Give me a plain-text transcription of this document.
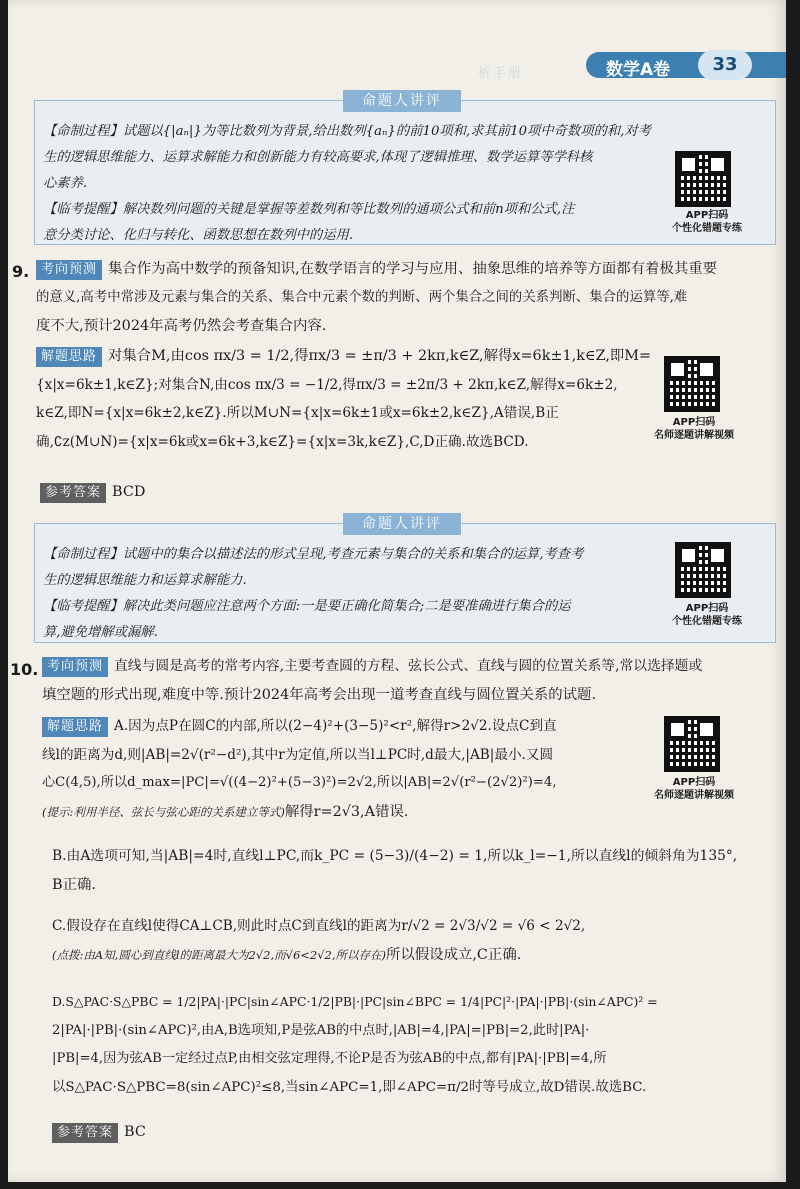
析手册	数学A卷	33
命题人讲评
【命制过程】试题以{|aₙ|}为等比数列为背景,给出数列{aₙ}的前10项和,求其前10项中奇数项的和,对考
生的逻辑思维能力、运算求解能力和创新能力有较高要求,体现了逻辑推理、数学运算等学科核
心素养.
【临考提醒】解决数列问题的关键是掌握等差数列和等比数列的通项公式和前n项和公式,注
意分类讨论、化归与转化、函数思想在数列中的运用.
APP扫码
个性化错题专练
9. 考向预测 集合作为高中数学的预备知识,在数学语言的学习与应用、抽象思维的培养等方面都有着极其重要
的意义,高考中常涉及元素与集合的关系、集合中元素个数的判断、两个集合之间的关系判断、集合的运算等,难
度不大,预计2024年高考仍然会考查集合内容.
解题思路 对集合M,由cos πx/3 = 1/2,得πx/3 = ±π/3 + 2kπ,k∈Z,解得x=6k±1,k∈Z,即M=
{x|x=6k±1,k∈Z};对集合N,由cos πx/3 = −1/2,得πx/3 = ±2π/3 + 2kπ,k∈Z,解得x=6k±2,
k∈Z,即N={x|x=6k±2,k∈Z}.所以M∪N={x|x=6k±1或x=6k±2,k∈Z},A错误,B正
确,∁z(M∪N)={x|x=6k或x=6k+3,k∈Z}={x|x=3k,k∈Z},C,D正确.故选BCD.
APP扫码
名师逐题讲解视频
参考答案 BCD
命题人讲评
【命制过程】试题中的集合以描述法的形式呈现,考查元素与集合的关系和集合的运算,考查考
生的逻辑思维能力和运算求解能力.
【临考提醒】解决此类问题应注意两个方面:一是要正确化简集合;二是要准确进行集合的运
算,避免增解或漏解.
APP扫码
个性化错题专练
10. 考向预测 直线与圆是高考的常考内容,主要考查圆的方程、弦长公式、直线与圆的位置关系等,常以选择题或
填空题的形式出现,难度中等.预计2024年高考会出现一道考查直线与圆位置关系的试题.
解题思路 A.因为点P在圆C的内部,所以(2−4)²+(3−5)²<r²,解得r>2√2.设点C到直
线l的距离为d,则|AB|=2√(r²−d²),其中r为定值,所以当l⊥PC时,d最大,|AB|最小.又圆
心C(4,5),所以d_max=|PC|=√((4−2)²+(5−3)²)=2√2,所以|AB|=2√(r²−(2√2)²)=4,
(提示:利用半径、弦长与弦心距的关系建立等式)解得r=2√3,A错误.
APP扫码
名师逐题讲解视频
B.由A选项可知,当|AB|=4时,直线l⊥PC,而k_PC = (5−3)/(4−2) = 1,所以k_l=−1,所以直线l的倾斜角为135°,
B正确.
C.假设存在直线l使得CA⊥CB,则此时点C到直线l的距离为r/√2 = 2√3/√2 = √6 < 2√2,
(点拨:由A知,圆心到直线l的距离最大为2√2,而√6<2√2,所以存在)所以假设成立,C正确.
D.S△PAC·S△PBC = 1/2|PA|·|PC|sin∠APC·1/2|PB|·|PC|sin∠BPC = 1/4|PC|²·|PA|·|PB|·(sin∠APC)² =
2|PA|·|PB|·(sin∠APC)²,由A,B选项知,P是弦AB的中点时,|AB|=4,|PA|=|PB|=2,此时|PA|·
|PB|=4,因为弦AB一定经过点P,由相交弦定理得,不论P是否为弦AB的中点,都有|PA|·|PB|=4,所
以S△PAC·S△PBC=8(sin∠APC)²≤8,当sin∠APC=1,即∠APC=π/2时等号成立,故D错误.故选BC.
参考答案 BC
